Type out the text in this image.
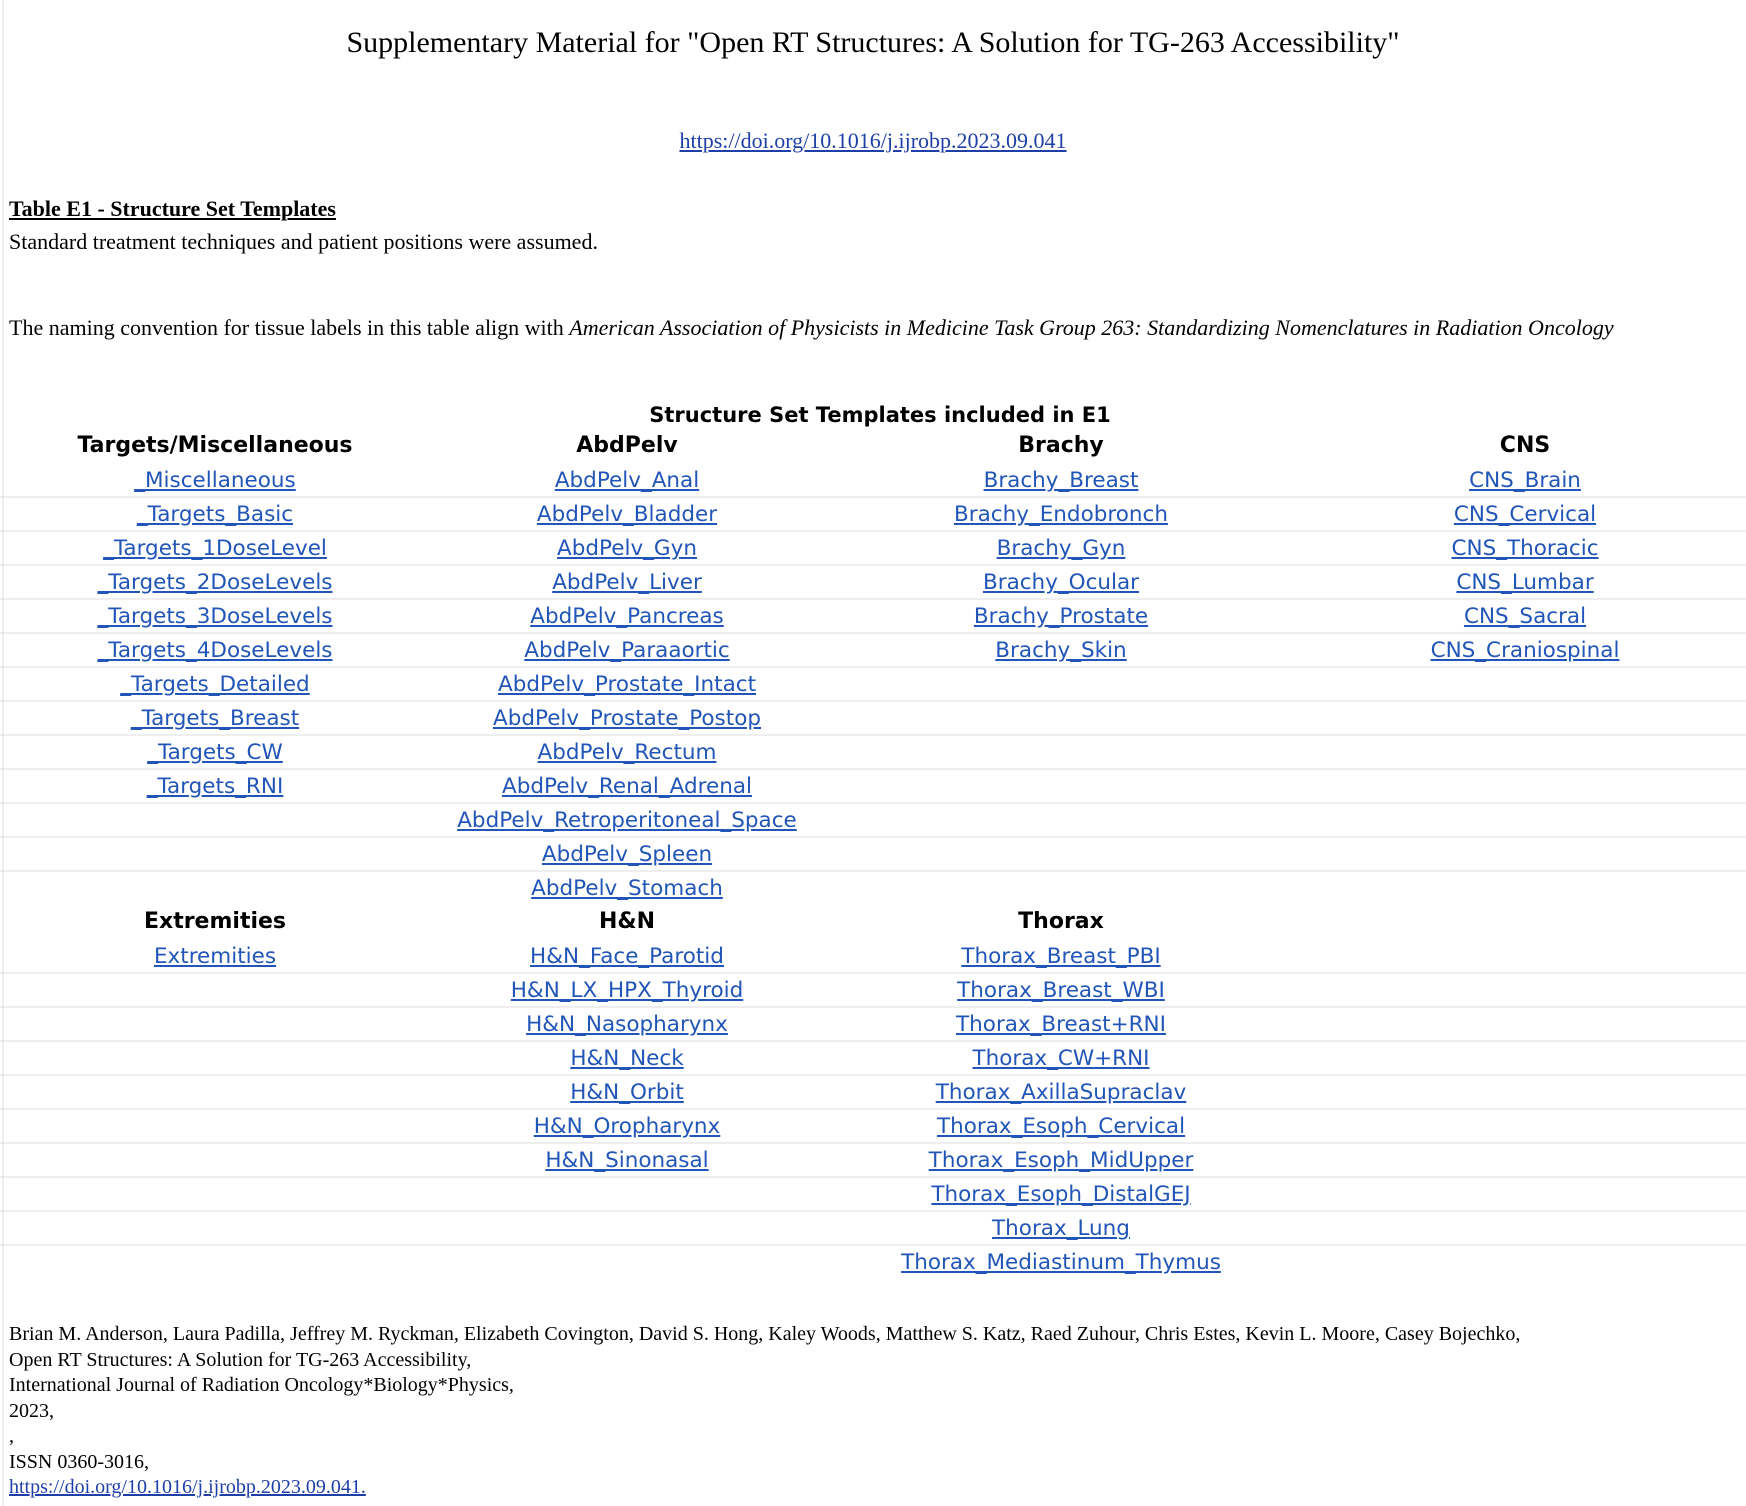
Supplementary Material for "Open RT Structures: A Solution for TG-263 Accessibility"
https://doi.org/10.1016/j.ijrobp.2023.09.041
Table E1 - Structure Set Templates
Standard treatment techniques and patient positions were assumed.
The naming convention for tissue labels in this table align with American Association of Physicists in Medicine Task Group 263: Standardizing Nomenclatures in Radiation Oncology
Structure Set Templates included in E1
Targets/Miscellaneous
_Miscellaneous
_Targets_Basic
_Targets_1DoseLevel
_Targets_2DoseLevels
_Targets_3DoseLevels
_Targets_4DoseLevels
_Targets_Detailed
_Targets_Breast
_Targets_CW
_Targets_RNI
AbdPelv
AbdPelv_Anal
AbdPelv_Bladder
AbdPelv_Gyn
AbdPelv_Liver
AbdPelv_Pancreas
AbdPelv_Paraaortic
AbdPelv_Prostate_Intact
AbdPelv_Prostate_Postop
AbdPelv_Rectum
AbdPelv_Renal_Adrenal
AbdPelv_Retroperitoneal_Space
AbdPelv_Spleen
AbdPelv_Stomach
Brachy
Brachy_Breast
Brachy_Endobronch
Brachy_Gyn
Brachy_Ocular
Brachy_Prostate
Brachy_Skin
CNS
CNS_Brain
CNS_Cervical
CNS_Thoracic
CNS_Lumbar
CNS_Sacral
CNS_Craniospinal
Extremities
Extremities
H&N
H&N_Face_Parotid
H&N_LX_HPX_Thyroid
H&N_Nasopharynx
H&N_Neck
H&N_Orbit
H&N_Oropharynx
H&N_Sinonasal
Thorax
Thorax_Breast_PBI
Thorax_Breast_WBI
Thorax_Breast+RNI
Thorax_CW+RNI
Thorax_AxillaSupraclav
Thorax_Esoph_Cervical
Thorax_Esoph_MidUpper
Thorax_Esoph_DistalGEJ
Thorax_Lung
Thorax_Mediastinum_Thymus
Brian M. Anderson, Laura Padilla, Jeffrey M. Ryckman, Elizabeth Covington, David S. Hong, Kaley Woods, Matthew S. Katz, Raed Zuhour, Chris Estes, Kevin L. Moore, Casey Bojechko,
Open RT Structures: A Solution for TG-263 Accessibility,
International Journal of Radiation Oncology*Biology*Physics,
2023,
,
ISSN 0360-3016,
https://doi.org/10.1016/j.ijrobp.2023.09.041.
